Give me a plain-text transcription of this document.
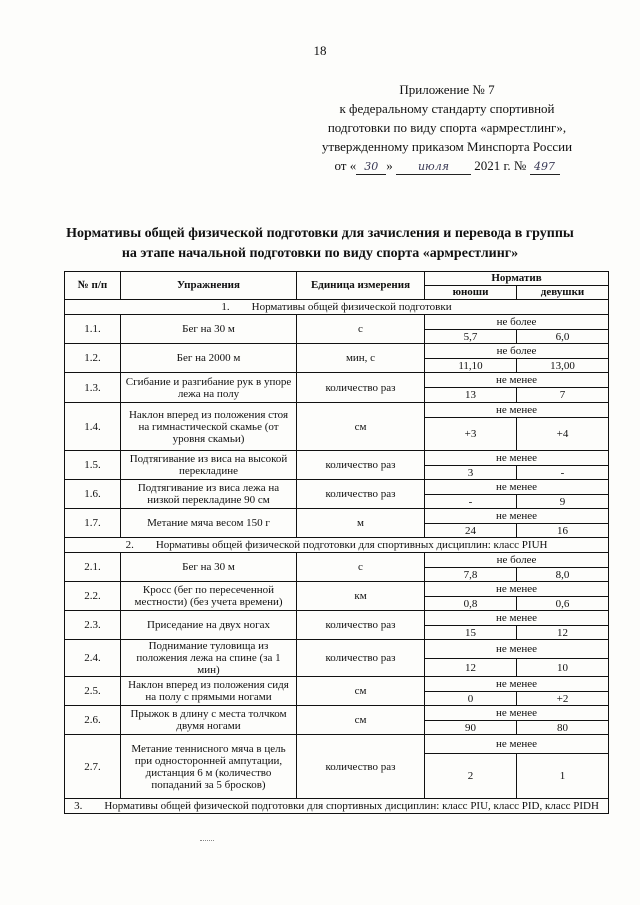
18
Приложение № 7
к федеральному стандарту спортивной
подготовки по виду спорта «армрестлинг»,
утвержденному приказом Минспорта России
от « 30 » июля 2021 г. № 497
Нормативы общей физической подготовки для зачисления и перевода в группы
на этапе начальной подготовки по виду спорта «армрестлинг»
№ п/п	Упражнения	Единица измерения	Норматив	
			юноши	девушки
1. Нормативы общей физической подготовки				
1.1.	Бег на 30 м	с	не более	
			5,7	6,0
1.2.	Бег на 2000 м	мин, с	не более	
			11,10	13,00
1.3.	Сгибание и разгибание рук в упоре лежа на полу	количество раз	не менее	
			13	7
1.4.	Наклон вперед из положения стоя на гимнастической скамье (от уровня скамьи)	см	не менее	
			+3	+4
1.5.	Подтягивание из виса на высокой перекладине	количество раз	не менее	
			3	-
1.6.	Подтягивание из виса лежа на низкой перекладине 90 см	количество раз	не менее	
			-	9
1.7.	Метание мяча весом 150 г	м	не менее	
			24	16
2. Нормативы общей физической подготовки для спортивных дисциплин: класс PIUH				
2.1.	Бег на 30 м	с	не более	
			7,8	8,0
2.2.	Кросс (бег по пересеченной местности) (без учета времени)	км	не менее	
			0,8	0,6
2.3.	Приседание на двух ногах	количество раз	не менее	
			15	12
2.4.	Поднимание туловища из положения лежа на спине (за 1 мин)	количество раз	не менее	
			12	10
2.5.	Наклон вперед из положения сидя на полу с прямыми ногами	см	не менее	
			0	+2
2.6.	Прыжок в длину с места толчком двумя ногами	см	не менее	
			90	80
2.7.	Метание теннисного мяча в цель при односторонней ампутации, дистанция 6 м (количество попаданий за 5 бросков)	количество раз	не менее	
			2	1
3. Нормативы общей физической подготовки для спортивных дисциплин: класс PIU, класс PID, класс PIDH				
